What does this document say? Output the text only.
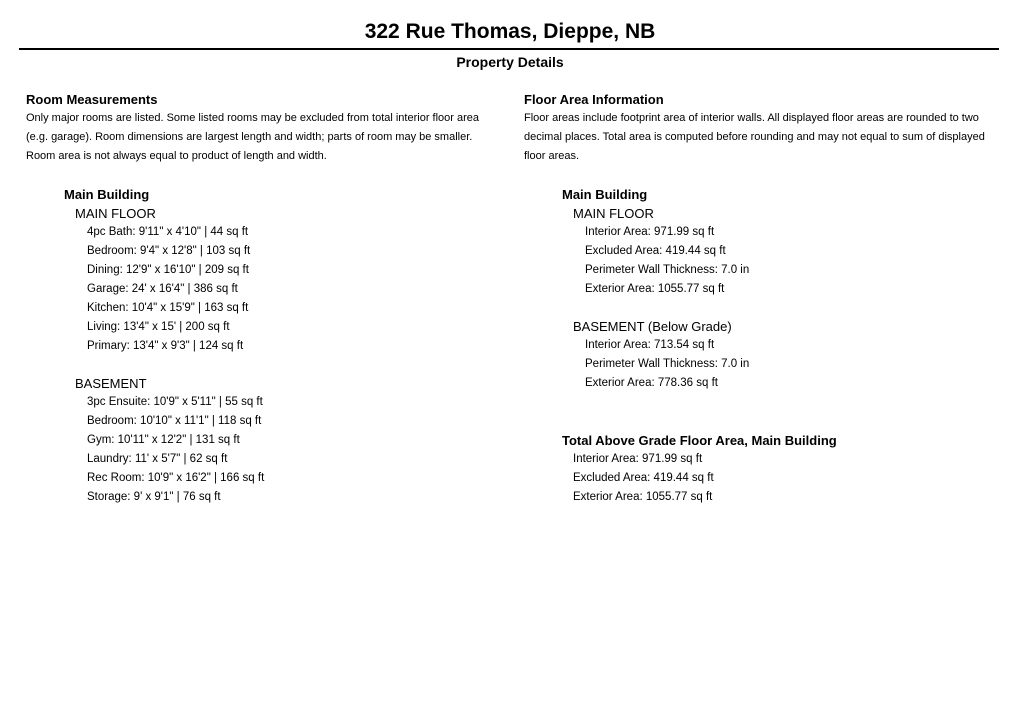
322 Rue Thomas, Dieppe, NB
Property Details
Room Measurements

Only major rooms are listed. Some listed rooms may be excluded from total interior floor area

(e.g. garage). Room dimensions are largest length and width; parts of room may be smaller.

Room area is not always equal to product of length and width.

Main Building
MAIN FLOOR
4pc Bath: 9'11" x 4'10" | 44 sq ft
Bedroom: 9'4" x 12'8" | 103 sq ft
Dining: 12'9" x 16'10" | 209 sq ft
Garage: 24' x 16'4" | 386 sq ft
Kitchen: 10'4" x 15'9" | 163 sq ft
Living: 13'4" x 15' | 200 sq ft
Primary: 13'4" x 9'3" | 124 sq ft
BASEMENT
3pc Ensuite: 10'9" x 5'11" | 55 sq ft
Bedroom: 10'10" x 11'1" | 118 sq ft
Gym: 10'11" x 12'2" | 131 sq ft
Laundry: 11' x 5'7" | 62 sq ft
Rec Room: 10'9" x 16'2" | 166 sq ft
Storage: 9' x 9'1" | 76 sq ft
Floor Area Information

Floor areas include footprint area of interior walls. All displayed floor areas are rounded to two

decimal places. Total area is computed before rounding and may not equal to sum of displayed

floor areas.

Main Building
MAIN FLOOR
Interior Area: 971.99 sq ft
Excluded Area: 419.44 sq ft
Perimeter Wall Thickness: 7.0 in
Exterior Area: 1055.77 sq ft
BASEMENT (Below Grade)
Interior Area: 713.54 sq ft
Perimeter Wall Thickness: 7.0 in
Exterior Area: 778.36 sq ft
Total Above Grade Floor Area, Main Building
Interior Area: 971.99 sq ft
Excluded Area: 419.44 sq ft
Exterior Area: 1055.77 sq ft
